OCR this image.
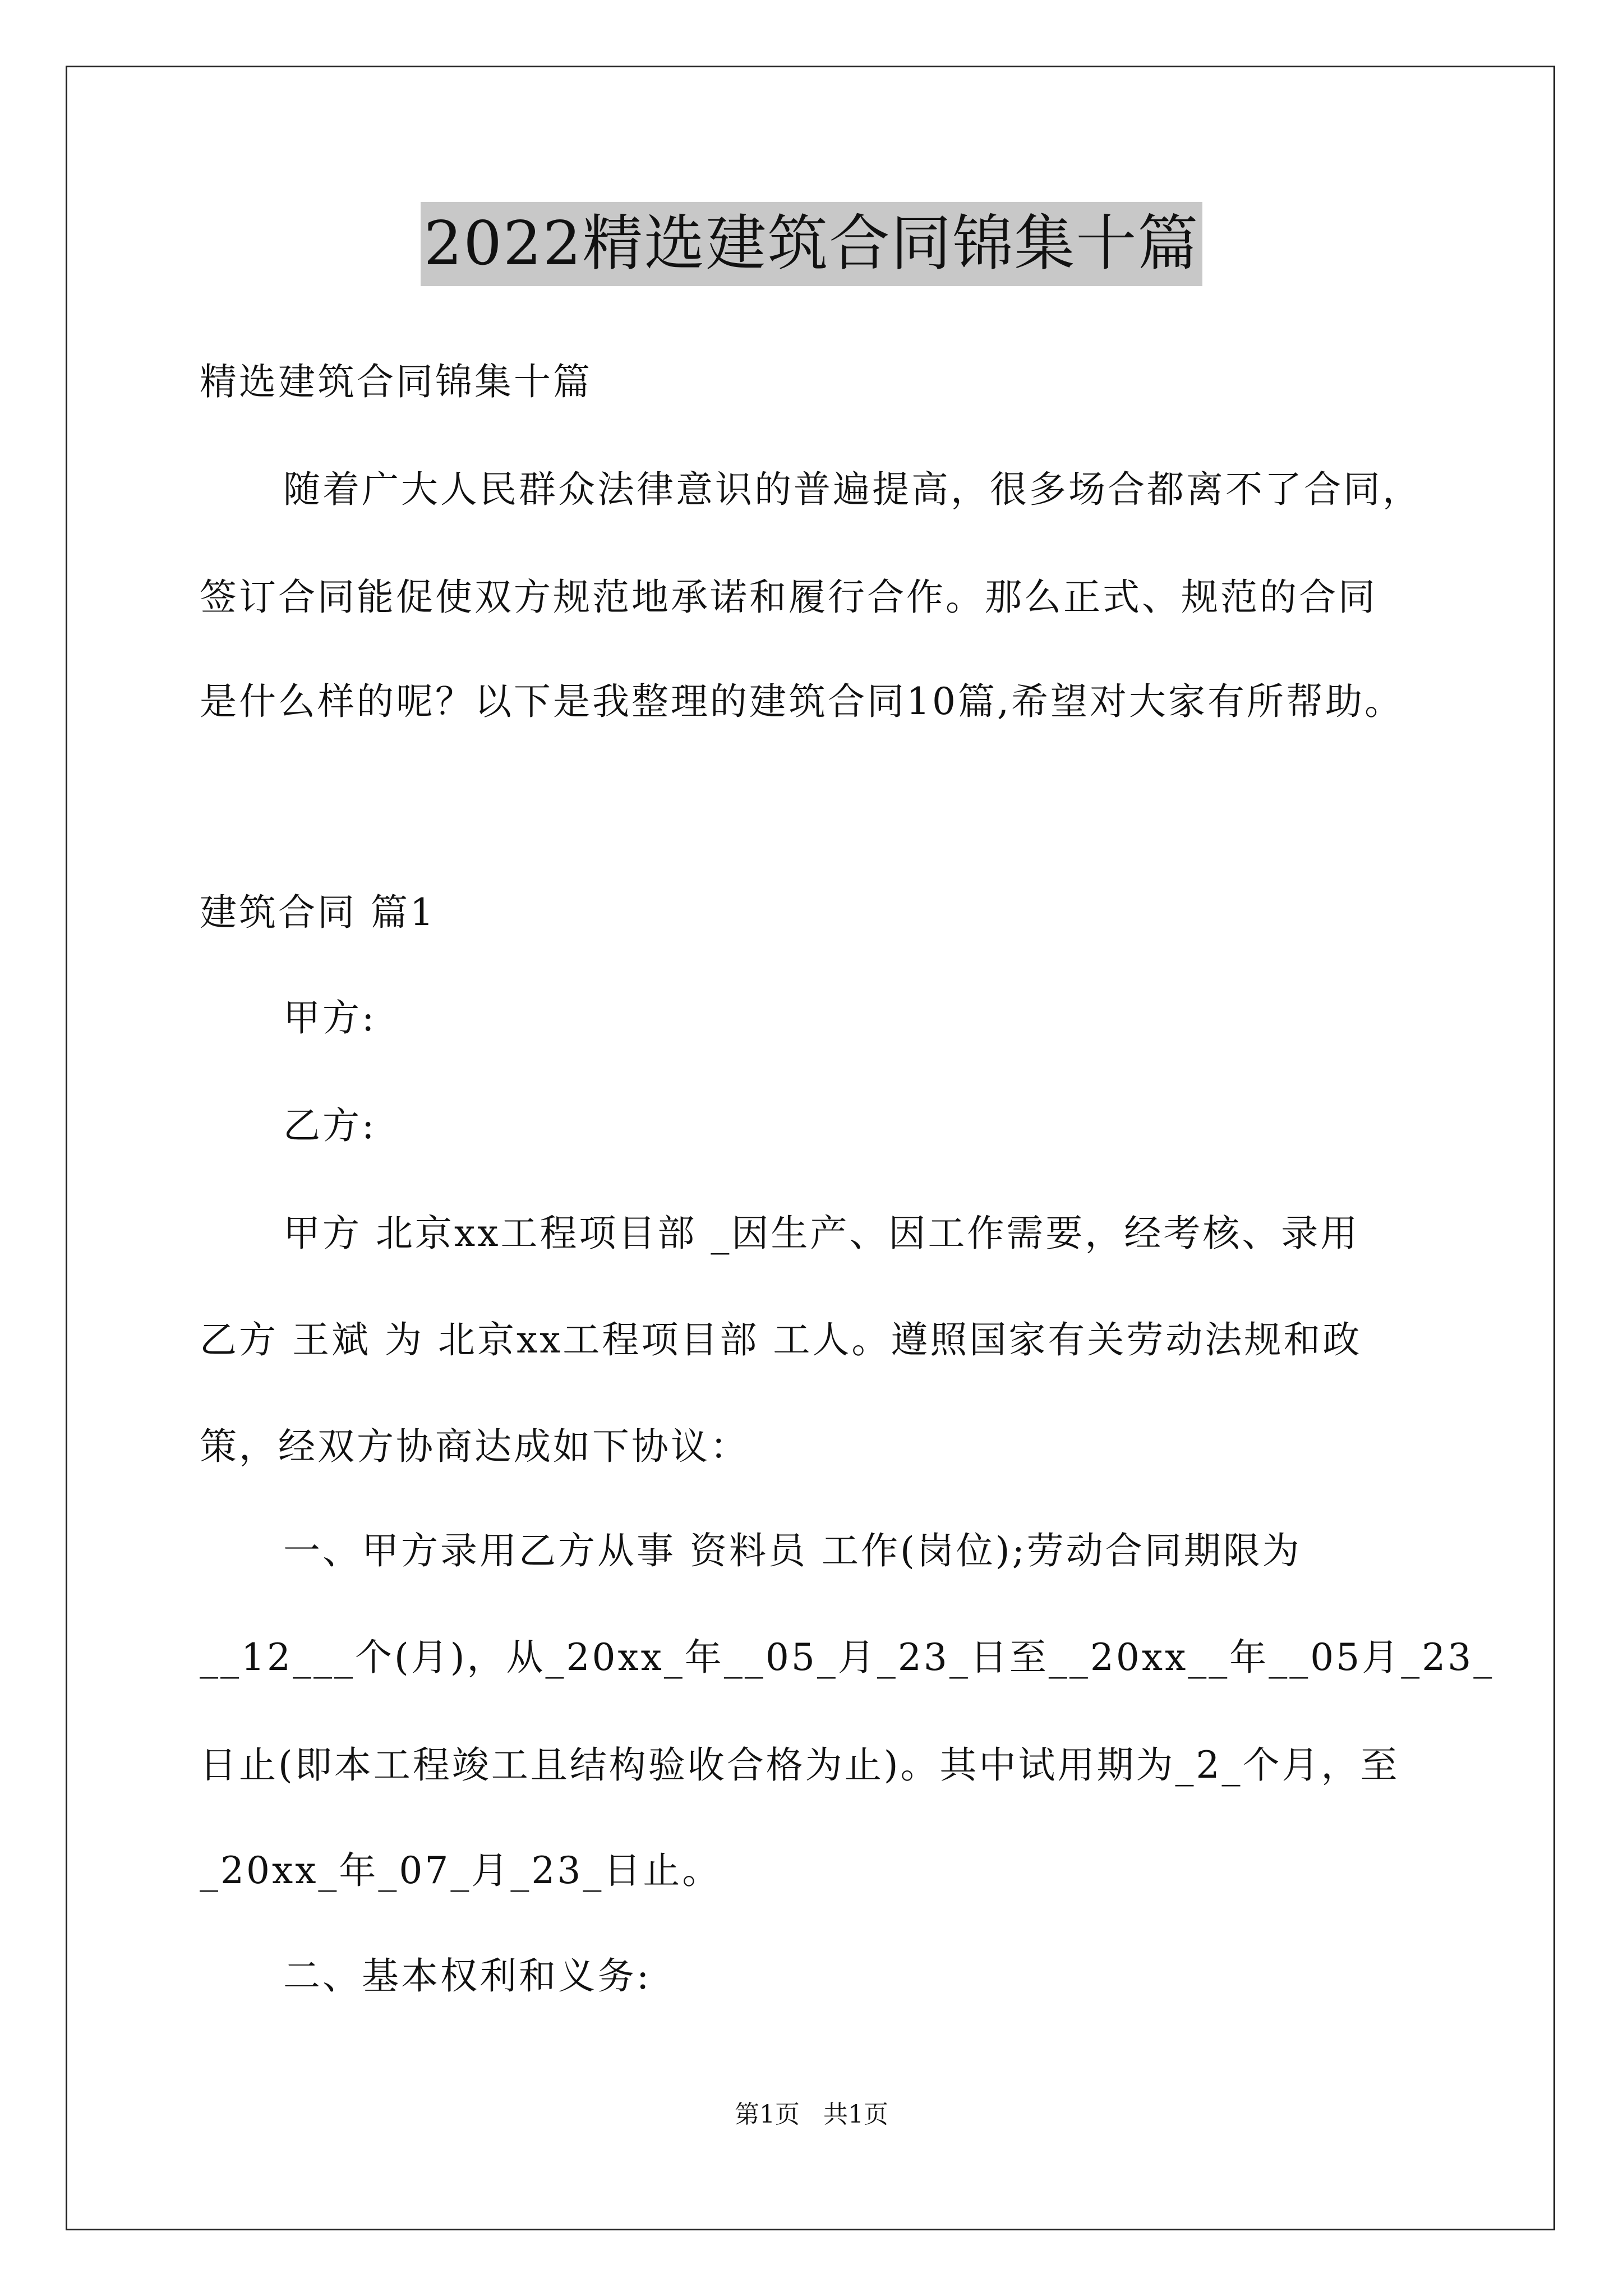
2022精选建筑合同锦集十篇

精选建筑合同锦集十篇

随着广大人民群众法律意识的普遍提高，很多场合都离不了合同，

签订合同能促使双方规范地承诺和履行合作。那么正式、规范的合同

是什么样的呢？以下是我整理的建筑合同10篇,希望对大家有所帮助。

建筑合同 篇1

甲方:

乙方:

甲方 北京xx工程项目部 _因生产、因工作需要，经考核、录用

乙方 王斌 为 北京xx工程项目部 工人。遵照国家有关劳动法规和政

策，经双方协商达成如下协议：

一、甲方录用乙方从事 资料员 工作(岗位);劳动合同期限为

__12___个(月)，从_20xx_年__05_月_23_日至__20xx__年__05月_23_

日止(即本工程竣工且结构验收合格为止)。其中试用期为_2_个月，至

_20xx_年_07_月_23_日止。

二、基本权利和义务:

第1页   共1页
